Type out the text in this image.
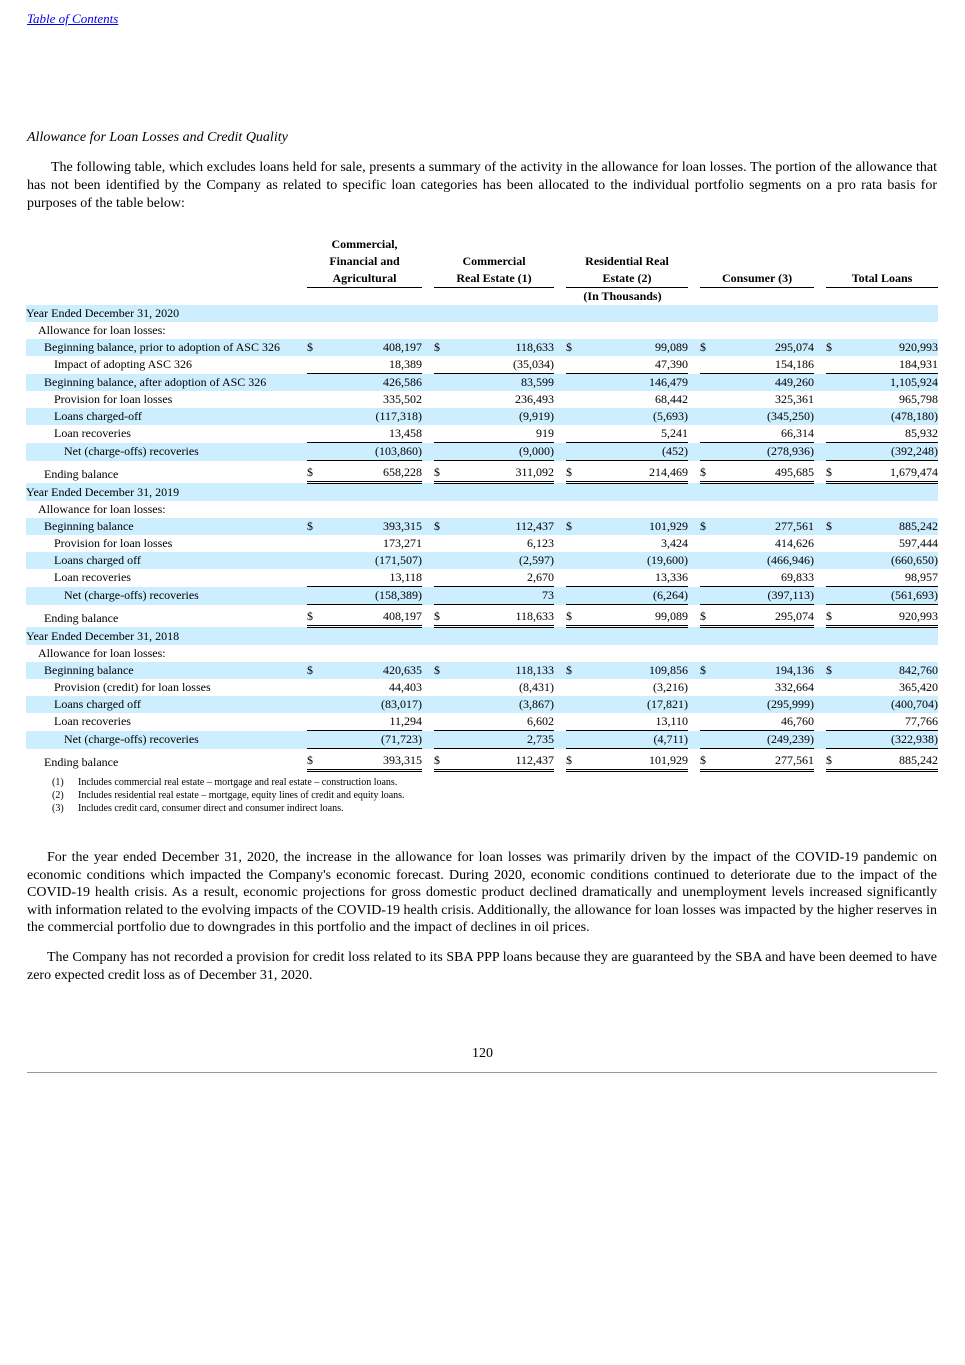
Table of Contents
Allowance for Loan Losses and Credit Quality

The following table, which excludes loans held for sale, presents a summary of the activity in the allowance for loan losses. The portion of the allowance that has not been identified by the Company as related to specific loan categories has been allocated to the individual portfolio segments on a pro rata basis for purposes of the table below:

	Commercial, Financial and Agricultural			Commercial Real Estate (1)			Residential Real Estate (2)			Consumer (3)			Total Loans	
	(In Thousands)													
Year Ended December 31, 2020														
Allowance for loan losses:														
Beginning balance, prior to adoption of ASC 326	$	408,197		$	118,633		$	99,089		$	295,074		$	920,993
Impact of adopting ASC 326		18,389			(35,034)			47,390			154,186			184,931
Beginning balance, after adoption of ASC 326		426,586			83,599			146,479			449,260			1,105,924
Provision for loan losses		335,502			236,493			68,442			325,361			965,798
Loans charged-off		(117,318)			(9,919)			(5,693)			(345,250)			(478,180)
Loan recoveries		13,458			919			5,241			66,314			85,932
Net (charge-offs) recoveries		(103,860)			(9,000)			(452)			(278,936)			(392,248)
Ending balance	$	658,228		$	311,092		$	214,469		$	495,685		$	1,679,474
Year Ended December 31, 2019														
Allowance for loan losses:														
Beginning balance	$	393,315		$	112,437		$	101,929		$	277,561		$	885,242
Provision for loan losses		173,271			6,123			3,424			414,626			597,444
Loans charged off		(171,507)			(2,597)			(19,600)			(466,946)			(660,650)
Loan recoveries		13,118			2,670			13,336			69,833			98,957
Net (charge-offs) recoveries		(158,389)			73			(6,264)			(397,113)			(561,693)
Ending balance	$	408,197		$	118,633		$	99,089		$	295,074		$	920,993
Year Ended December 31, 2018														
Allowance for loan losses:														
Beginning balance	$	420,635		$	118,133		$	109,856		$	194,136		$	842,760
Provision (credit) for loan losses		44,403			(8,431)			(3,216)			332,664			365,420
Loans charged off		(83,017)			(3,867)			(17,821)			(295,999)			(400,704)
Loan recoveries		11,294			6,602			13,110			46,760			77,766
Net (charge-offs) recoveries		(71,723)			2,735			(4,711)			(249,239)			(322,938)
Ending balance	$	393,315		$	112,437		$	101,929		$	277,561		$	885,242
(1) Includes commercial real estate – mortgage and real estate – construction loans.
(2) Includes residential real estate – mortgage, equity lines of credit and equity loans.
(3) Includes credit card, consumer direct and consumer indirect loans.

For the year ended December 31, 2020, the increase in the allowance for loan losses was primarily driven by the impact of the COVID-19 pandemic on economic conditions which impacted the Company's economic forecast. During 2020, economic conditions continued to deteriorate due to the impact of the COVID-19 health crisis. As a result, economic projections for gross domestic product declined dramatically and unemployment levels increased significantly with information related to the evolving impacts of the COVID-19 health crisis. Additionally, the allowance for loan losses was impacted by the higher reserves in the commercial portfolio due to downgrades in this portfolio and the impact of declines in oil prices.

The Company has not recorded a provision for credit loss related to its SBA PPP loans because they are guaranteed by the SBA and have been deemed to have zero expected credit loss as of December 31, 2020.

120
